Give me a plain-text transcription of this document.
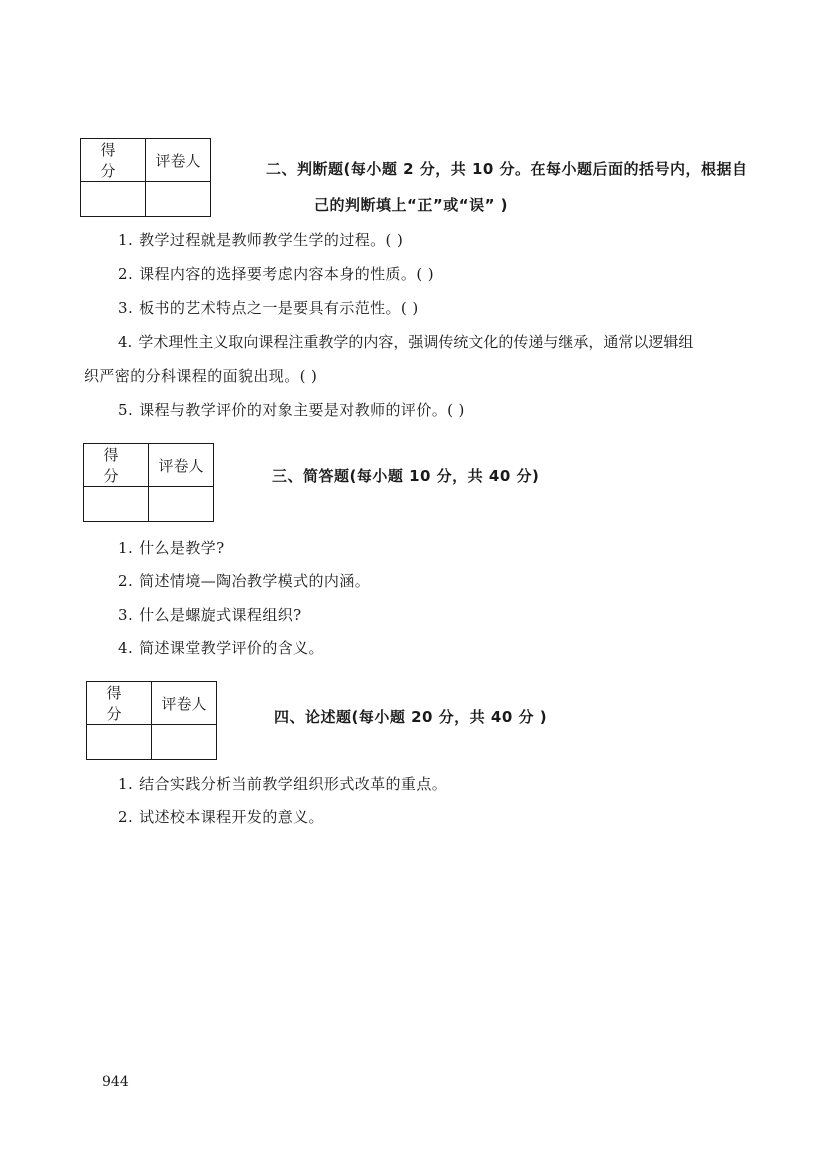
得 分	评卷人
		二、判断题(每小题 2 分，共 10 分。在每小题后面的括号内，根据自
己的判断填上“正”或“误” )
1. 教学过程就是教师教学生学的过程。( )
2. 课程内容的选择要考虑内容本身的性质。( )
3. 板书的艺术特点之一是要具有示范性。( )
4. 学术理性主义取向课程注重教学的内容，强调传统文化的传递与继承，通常以逻辑组
织严密的分科课程的面貌出现。( )
5. 课程与教学评价的对象主要是对教师的评价。( )
得 分	评卷人

三、简答题(每小题 10 分，共 40 分)
1. 什么是教学?
2. 简述情境—陶冶教学模式的内涵。
3. 什么是螺旋式课程组织?
4. 简述课堂教学评价的含义。
得 分	评卷人

四、论述题(每小题 20 分，共 40 分 )
1. 结合实践分析当前教学组织形式改革的重点。
2. 试述校本课程开发的意义。
944
